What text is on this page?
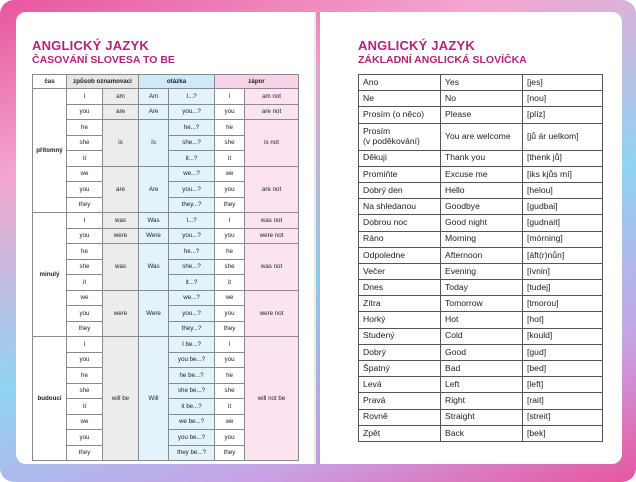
ANGLICKÝ JAZYK
ČASOVÁNÍ SLOVESA TO BE
čas	způsob oznamovací		otázka		zápor	
přítomný	I	am	Am	I...?	I	am not
	you	are	Are	you...?	you	are not
	he	is	Is	he...?	he	is not
	she			she...?	she	
	it			it...?	it	
	we	are	Are	we...?	we	are not
	you			you...?	you	
	they			they...?	they	
minulý	I	was	Was	I...?	I	was not
	you	were	Were	you...?	you	were not
	he	was	Was	he...?	he	was not
	she			she...?	she	
	it			it...?	it	
	we	were	Were	we...?	we	were not
	you			you...?	you	
	they			they...?	they	
budoucí	I	will be	Will	I be...?	I	will not be
	you			you be...?	you	
	he			he be...?	he	
	she			she be...?	she	
	it			it be...?	it	
	we			we be...?	we	
	you			you be...?	you	
	they			they be...?	they	
ANGLICKÝ JAZYK
ZÁKLADNÍ ANGLICKÁ SLOVÍČKA
Ano	Yes	[jes]
Ne	No	[nou]
Prosím (o něco)	Please	[plíz]
Prosím
(v poděkování)	You are welcome	[jů ár uelkom]
Děkuji	Thank you	[thenk jů]
Promiňte	Excuse me	[iks kjůs mí]
Dobrý den	Hello	[helou]
Na shledanou	Goodbye	[gudbai]
Dobrou noc	Good night	[gudnait]
Ráno	Morning	[mórning]
Odpoledne	Afternoon	[áft(r)nůn]
Večer	Evening	[ívnin]
Dnes	Today	[tudej]
Zítra	Tomorrow	[tmorou]
Horký	Hot	[hot]
Studený	Cold	[kould]
Dobrý	Good	[gud]
Špatný	Bad	[bed]
Levá	Left	[left]
Pravá	Right	[rait]
Rovně	Straight	[streit]
Zpět	Back	[bek]
